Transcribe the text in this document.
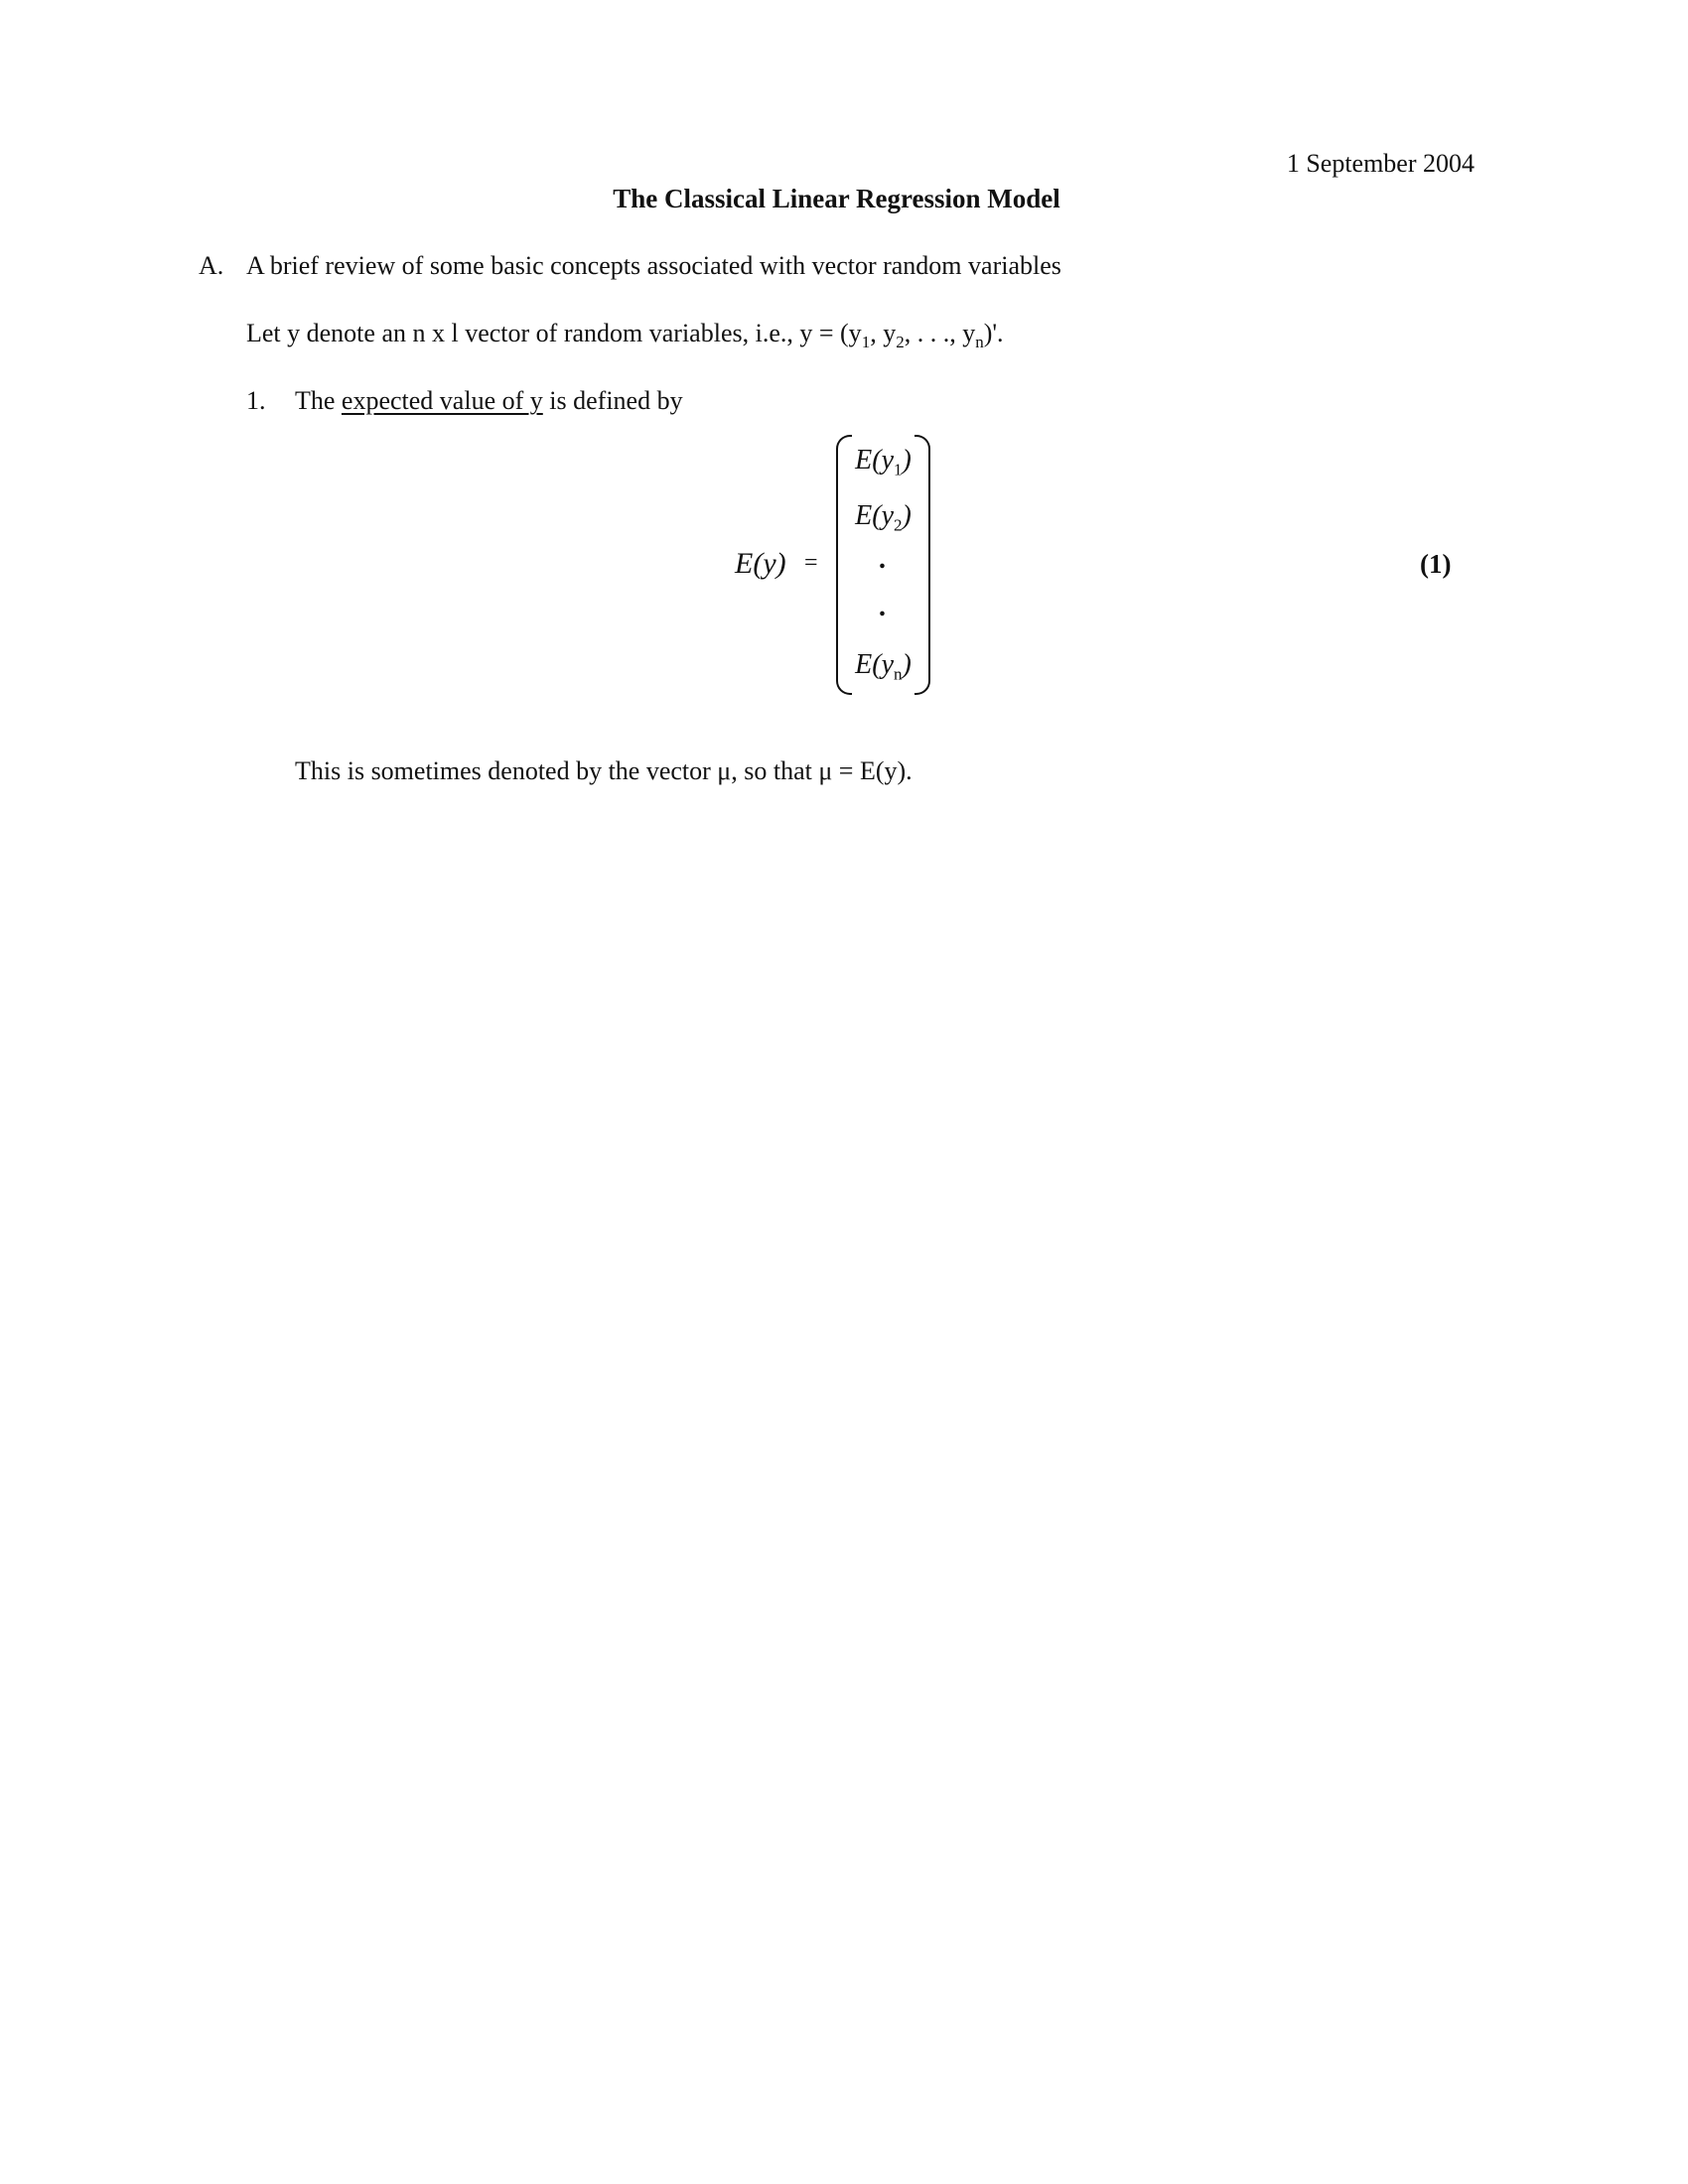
1 September 2004
The Classical Linear Regression Model
A. A brief review of some basic concepts associated with vector random variables
Let y denote an n x l vector of random variables, i.e., $y = (y_1$, $y_2$, . . ., $y_n)'$.
1. The expected value of y is defined by
E(y) =
$E(y_1)$
$E(y_2)$
.
.
$E(y_n)$
(1)
This is sometimes denoted by the vector μ, so that μ = E(y).
